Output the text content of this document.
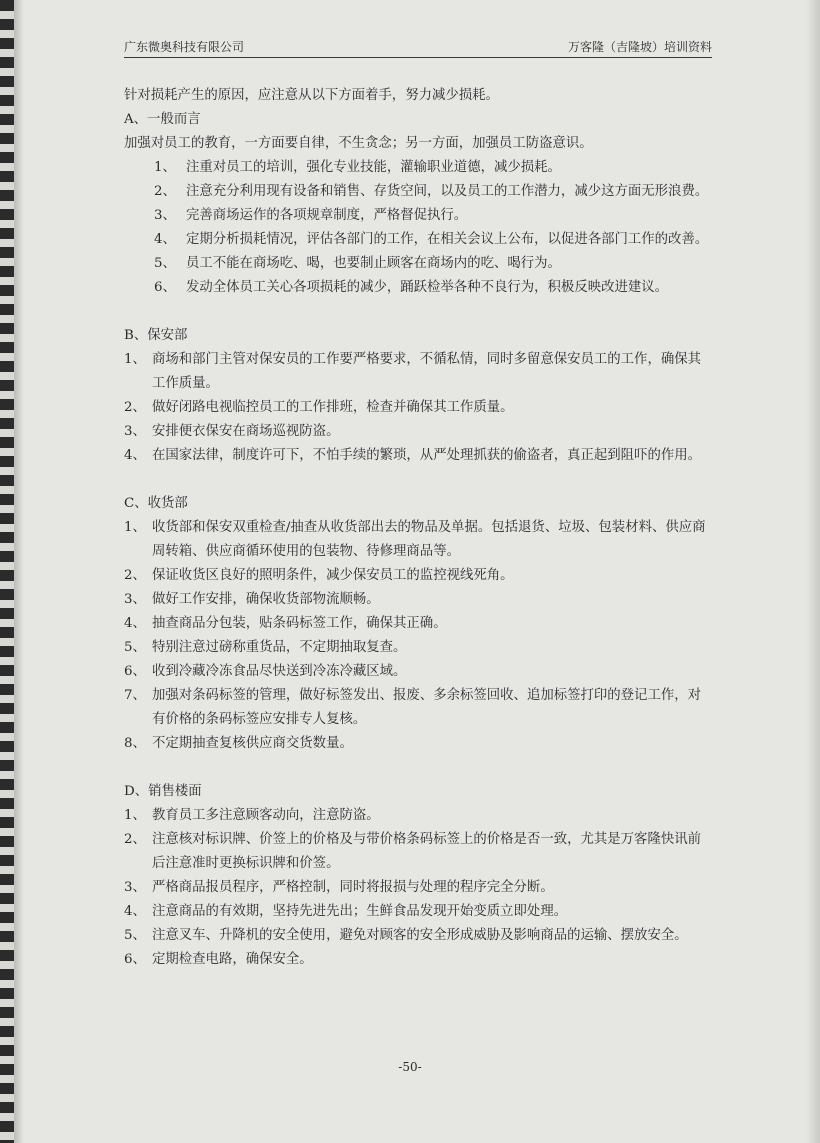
广东微奥科技有限公司	万客隆（吉隆坡）培训资料

针对损耗产生的原因，应注意从以下方面着手，努力减少损耗。

A、一般而言

加强对员工的教育，一方面要自律，不生贪念；另一方面，加强员工防盗意识。

1、 注重对员工的培训，强化专业技能，灌输职业道德，减少损耗。
2、 注意充分利用现有设备和销售、存货空间，以及员工的工作潜力，减少这方面无形浪费。
3、 完善商场运作的各项规章制度，严格督促执行。
4、 定期分析损耗情况，评估各部门的工作，在相关会议上公布，以促进各部门工作的改善。
5、 员工不能在商场吃、喝，也要制止顾客在商场内的吃、喝行为。
6、 发动全体员工关心各项损耗的减少，踊跃检举各种不良行为，积极反映改进建议。

B、保安部

1、 商场和部门主管对保安员的工作要严格要求，不循私情，同时多留意保安员工的工作，确保其工作质量。
2、 做好闭路电视临控员工的工作排班，检查并确保其工作质量。
3、 安排便衣保安在商场巡视防盗。
4、 在国家法律，制度许可下，不怕手续的繁琐，从严处理抓获的偷盗者，真正起到阻吓的作用。

C、收货部

1、 收货部和保安双重检查/抽查从收货部出去的物品及单据。包括退货、垃圾、包装材料、供应商周转箱、供应商循环使用的包装物、待修理商品等。
2、 保证收货区良好的照明条件，减少保安员工的监控视线死角。
3、 做好工作安排，确保收货部物流顺畅。
4、 抽查商品分包装，贴条码标签工作，确保其正确。
5、 特别注意过磅称重货品，不定期抽取复查。
6、 收到冷藏冷冻食品尽快送到冷冻冷藏区域。
7、 加强对条码标签的管理，做好标签发出、报废、多余标签回收、追加标签打印的登记工作，对有价格的条码标签应安排专人复核。
8、 不定期抽查复核供应商交货数量。

D、销售楼面

1、 教育员工多注意顾客动向，注意防盗。
2、 注意核对标识牌、价签上的价格及与带价格条码标签上的价格是否一致，尤其是万客隆快讯前后注意准时更换标识牌和价签。
3、 严格商品报员程序，严格控制，同时将报损与处理的程序完全分断。
4、 注意商品的有效期，坚持先进先出；生鲜食品发现开始变质立即处理。
5、 注意叉车、升降机的安全使用，避免对顾客的安全形成威胁及影响商品的运输、摆放安全。
6、 定期检查电路，确保安全。
-50-
